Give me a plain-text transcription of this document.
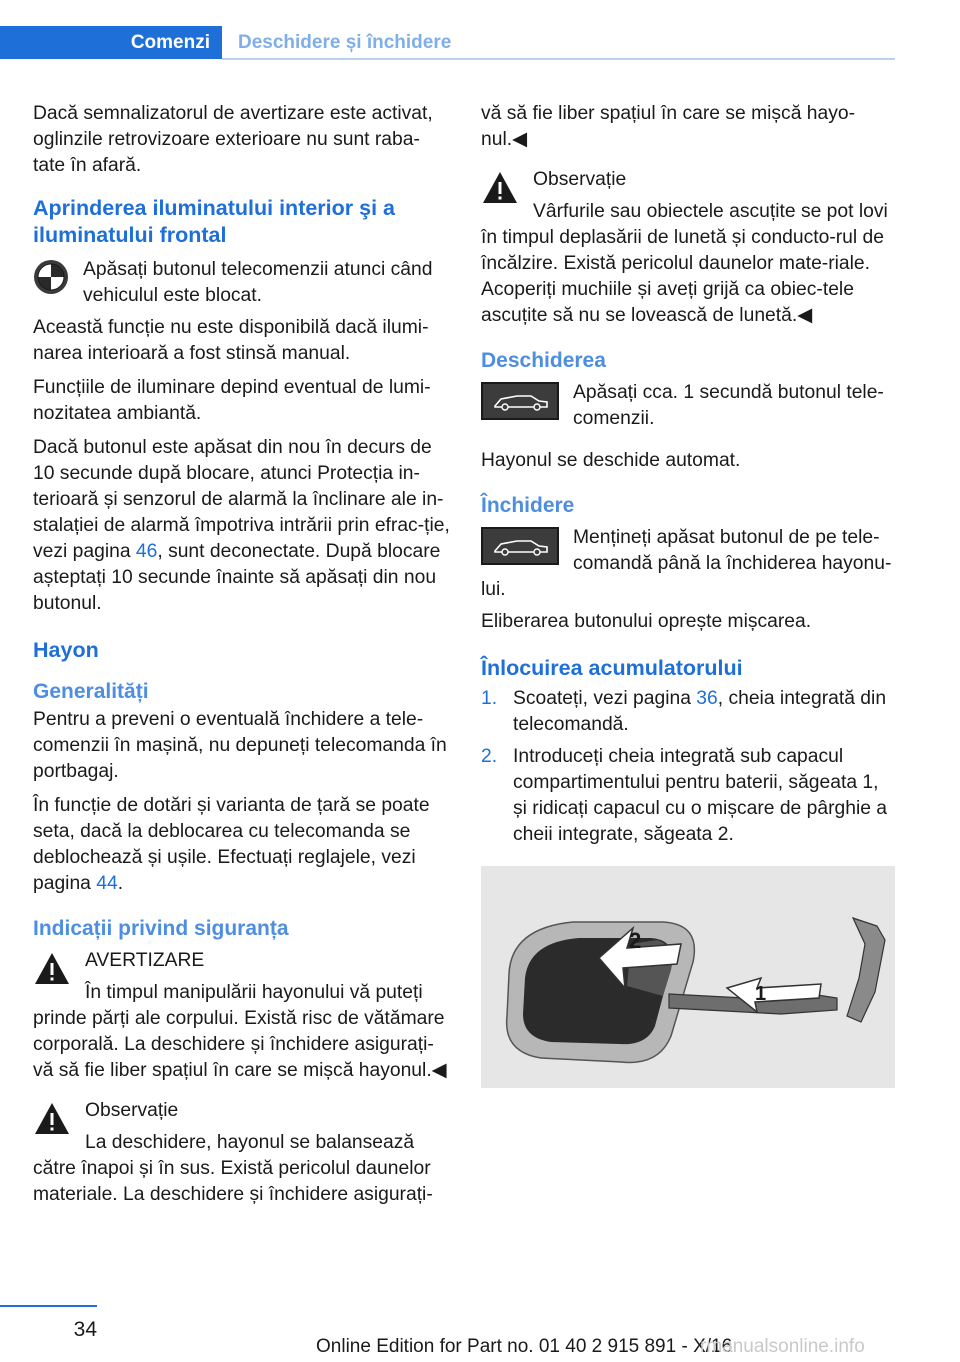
Comenzi	Deschidere și închidere

Dacă semnalizatorul de avertizare este activat, oglinzile retrovizoare exterioare nu sunt raba‐tate în afară.

Aprinderea iluminatului interior şi a iluminatului frontal
Apăsați butonul telecomenzii atunci când vehiculul este blocat.

Această funcție nu este disponibilă dacă ilumi‐narea interioară a fost stinsă manual.

Funcțiile de iluminare depind eventual de lumi‐nozitatea ambiantă.

Dacă butonul este apăsat din nou în decurs de 10 secunde după blocare, atunci Protecția in‐terioară și senzorul de alarmă la înclinare ale in‐stalației de alarmă împotriva intrării prin efrac‐ție, vezi pagina 46, sunt deconectate. După blocare așteptați 10 secunde înainte să apăsați din nou butonul.

Hayon
Generalități

Pentru a preveni o eventuală închidere a tele‐comenzii în mașină, nu depuneți telecomanda în portbagaj.

În funcție de dotări și varianta de țară se poate seta, dacă la deblocarea cu telecomanda se deblochează și ușile. Efectuați reglajele, vezi pagina 44.

Indicații privind siguranța
AVERTIZARE
În timpul manipulării hayonului vă puteți prinde părți ale corpului. Există risc de vătămare corporală. La deschidere și închidere asigurați-vă să fie liber spațiul în care se mișcă hayonul.◀
Observație
La deschidere, hayonul se balansează către înapoi și în sus. Există pericolul daunelor materiale. La deschidere și închidere asigurați-

vă să fie liber spațiul în care se mișcă hayo‐nul.◀

Observație
Vârfurile sau obiectele ascuțite se pot lovi în timpul deplasării de lunetă și conducto‐rul de încălzire. Există pericolul daunelor mate‐riale. Acoperiți muchiile și aveți grijă ca obiec‐tele ascuțite să nu se lovească de lunetă.◀
Deschiderea
Apăsați cca. 1 secundă butonul tele‐comenzii.

Hayonul se deschide automat.

Închidere
Mențineți apăsat butonul de pe tele‐comandă până la închiderea hayonu‐lui.

Eliberarea butonului oprește mișcarea.

Înlocuirea acumulatorului
1. Scoateți, vezi pagina 36, cheia integrată din telecomandă.
2. Introduceți cheia integrată sub capacul compartimentului pentru baterii, săgeata 1, și ridicați capacul cu o mișcare de pârghie a cheii integrate, săgeata 2.
2
1
34
Online Edition for Part no. 01 40 2 915 891 - X/16
rmanualsonline.info
